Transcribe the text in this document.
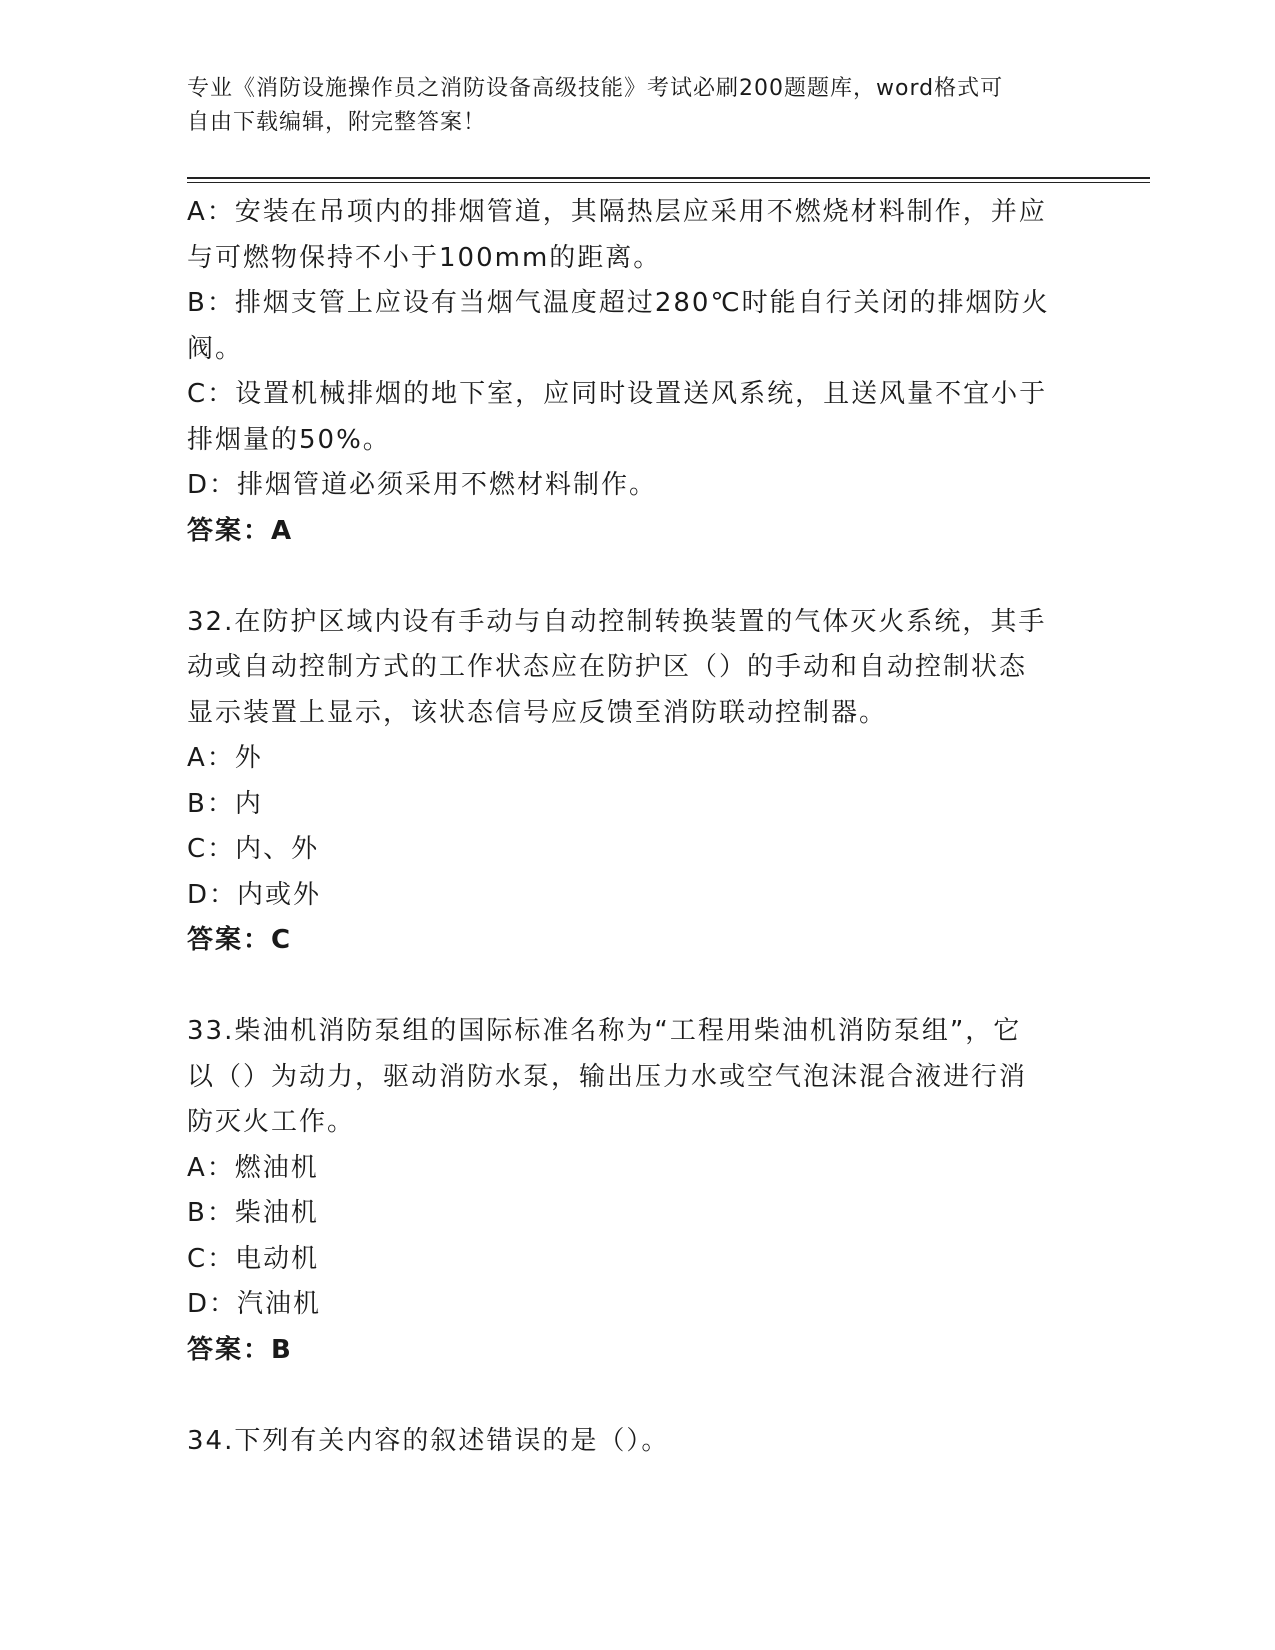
专业《消防设施操作员之消防设备高级技能》考试必刷200题题库，word格式可
自由下载编辑，附完整答案！
A：安装在吊项内的排烟管道，其隔热层应采用不燃烧材料制作，并应
与可燃物保持不小于100mm的距离。
B：排烟支管上应设有当烟气温度超过280℃时能自行关闭的排烟防火
阀。
C：设置机械排烟的地下室，应同时设置送风系统，且送风量不宜小于
排烟量的50%。
D：排烟管道必须采用不燃材料制作。
答案：A
32.在防护区域内设有手动与自动控制转换装置的气体灭火系统，其手
动或自动控制方式的工作状态应在防护区（）的手动和自动控制状态
显示装置上显示，该状态信号应反馈至消防联动控制器。
A：外
B：内
C：内、外
D：内或外
答案：C
33.柴油机消防泵组的国际标准名称为“工程用柴油机消防泵组”，它
以（）为动力，驱动消防水泵，输出压力水或空气泡沫混合液进行消
防灭火工作。
A：燃油机
B：柴油机
C：电动机
D：汽油机
答案：B
34.下列有关内容的叙述错误的是（）。
